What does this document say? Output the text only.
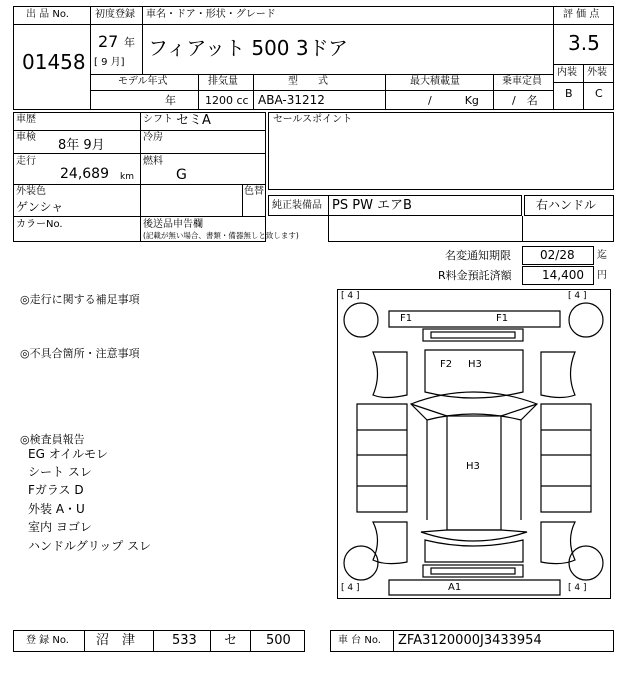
出 品 No.
01458
初度登録 車名・ドア・形状・グレード
27 年
[ 9 月]
フィアット 500 3ドア
評 価 点
3.5
内装 外装
B C
モデル年式	排気量	型　　式	最大積載量	乗車定員
年	1200 cc ABA-31212	/　　　Kg	/　名
車歴	シフト セミA
車検
8年 9月
冷房
走行
24,689 km
燃料
G
外装色
ゲンシャ
色替
カラーNo.	後送品申告欄
(記載が無い場合、書類・備器無しと致します)
セールスポイント
純正装備品 PS PW エアB	右ハンドル
名変通知期限 02/28 迄
R料金預託済額	14,400 円
◎走行に関する補足事項
◎不具合箇所・注意事項
◎検査員報告
EG オイルモレ
シート スレ
Fガラス D
外装 A・U
室内 ヨゴレ
ハンドルグリップ スレ
[ 4 ]	[ 4 ]
[ 4 ]	[ 4 ]
F1	F1
F2 H3
H3
A1
登 録 No. 沼　津	533 セ 500	車 台 No. ZFA3120000J3433954
